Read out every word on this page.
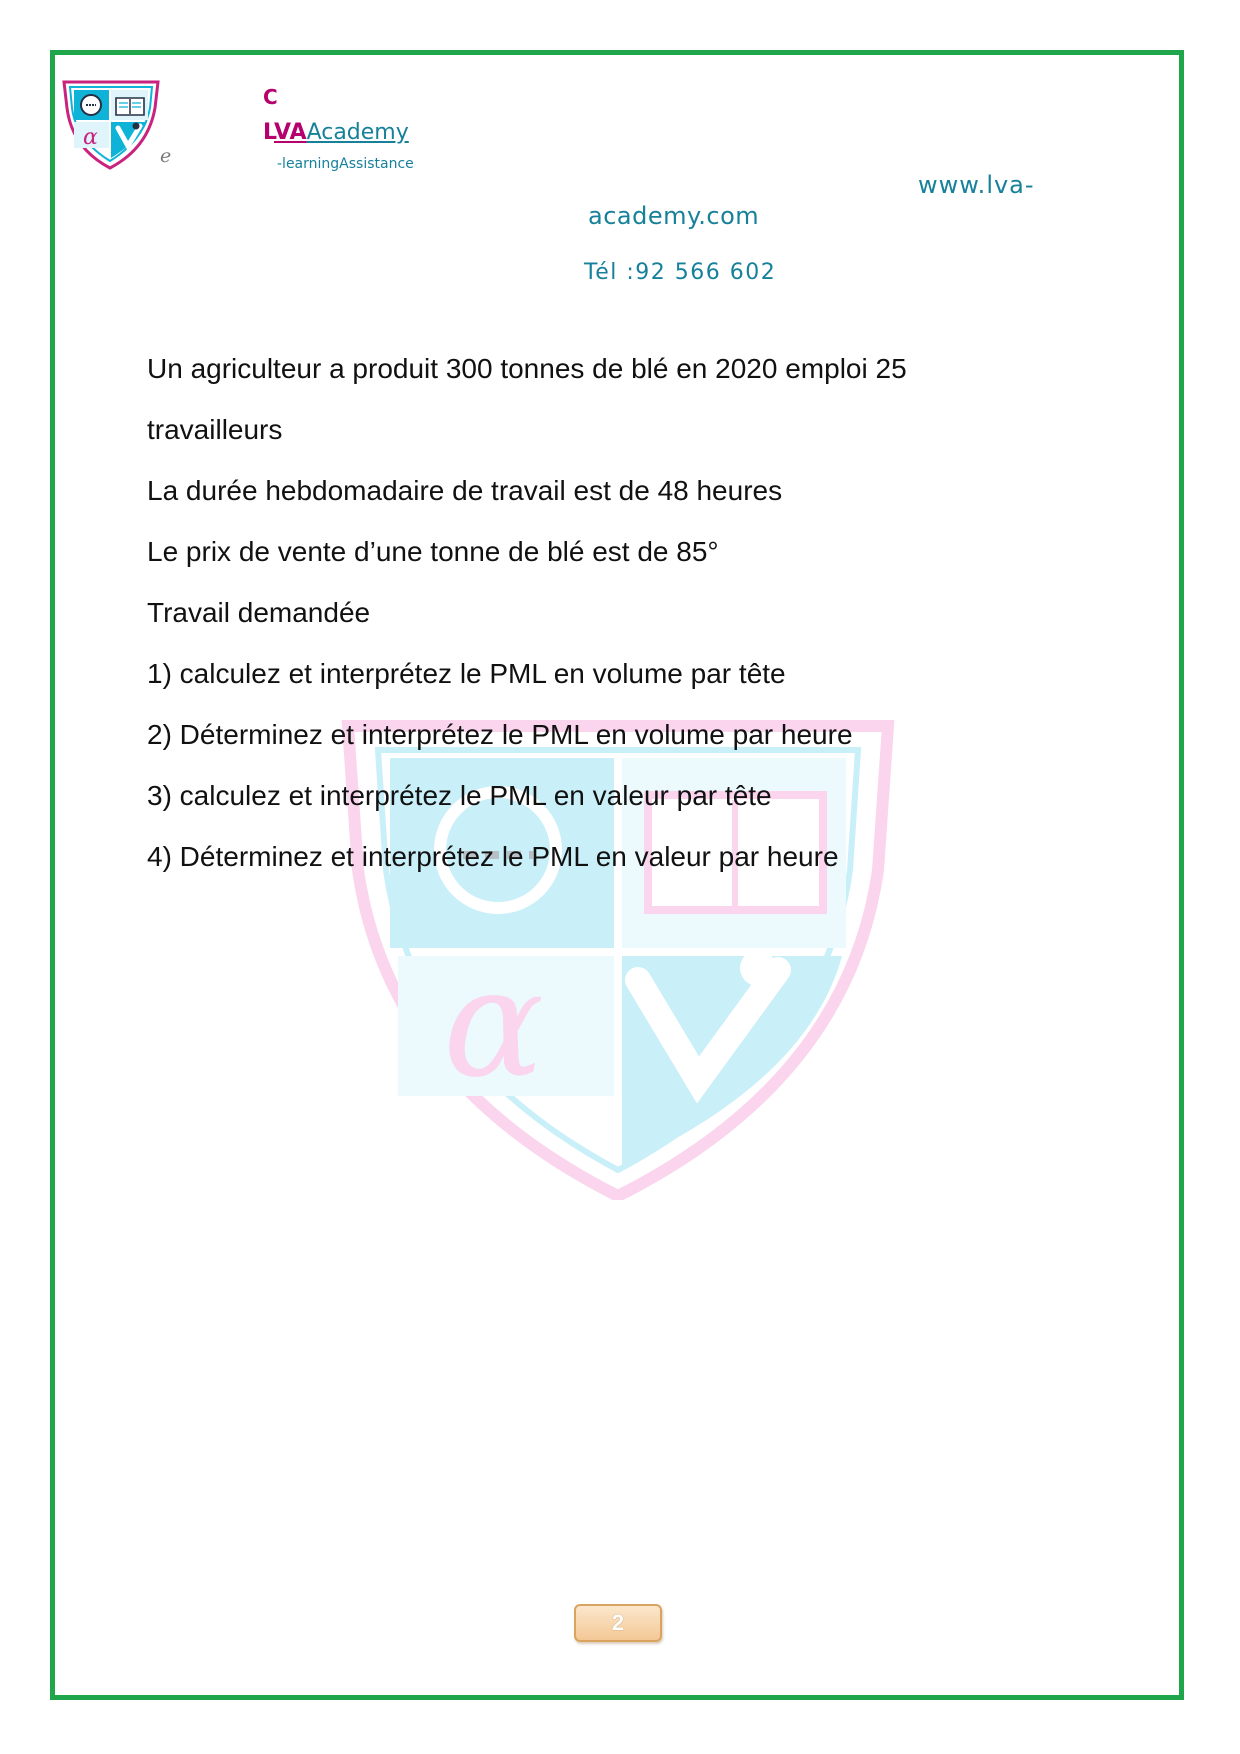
α
e
C
LVAAcademy
-learningAssistance
www.lva-
academy.com
Tél :92 566 602
α

Un agriculteur a produit 300 tonnes de blé en 2020 emploi 25

travailleurs

La durée hebdomadaire de travail est de 48 heures

Le prix de vente d’une tonne de blé est de 85°

Travail demandée

1) calculez et interprétez le PML en volume par tête

2) Déterminez et interprétez le PML en volume par heure

3) calculez et interprétez le PML en valeur par tête

4) Déterminez et interprétez le PML en valeur par heure

2
